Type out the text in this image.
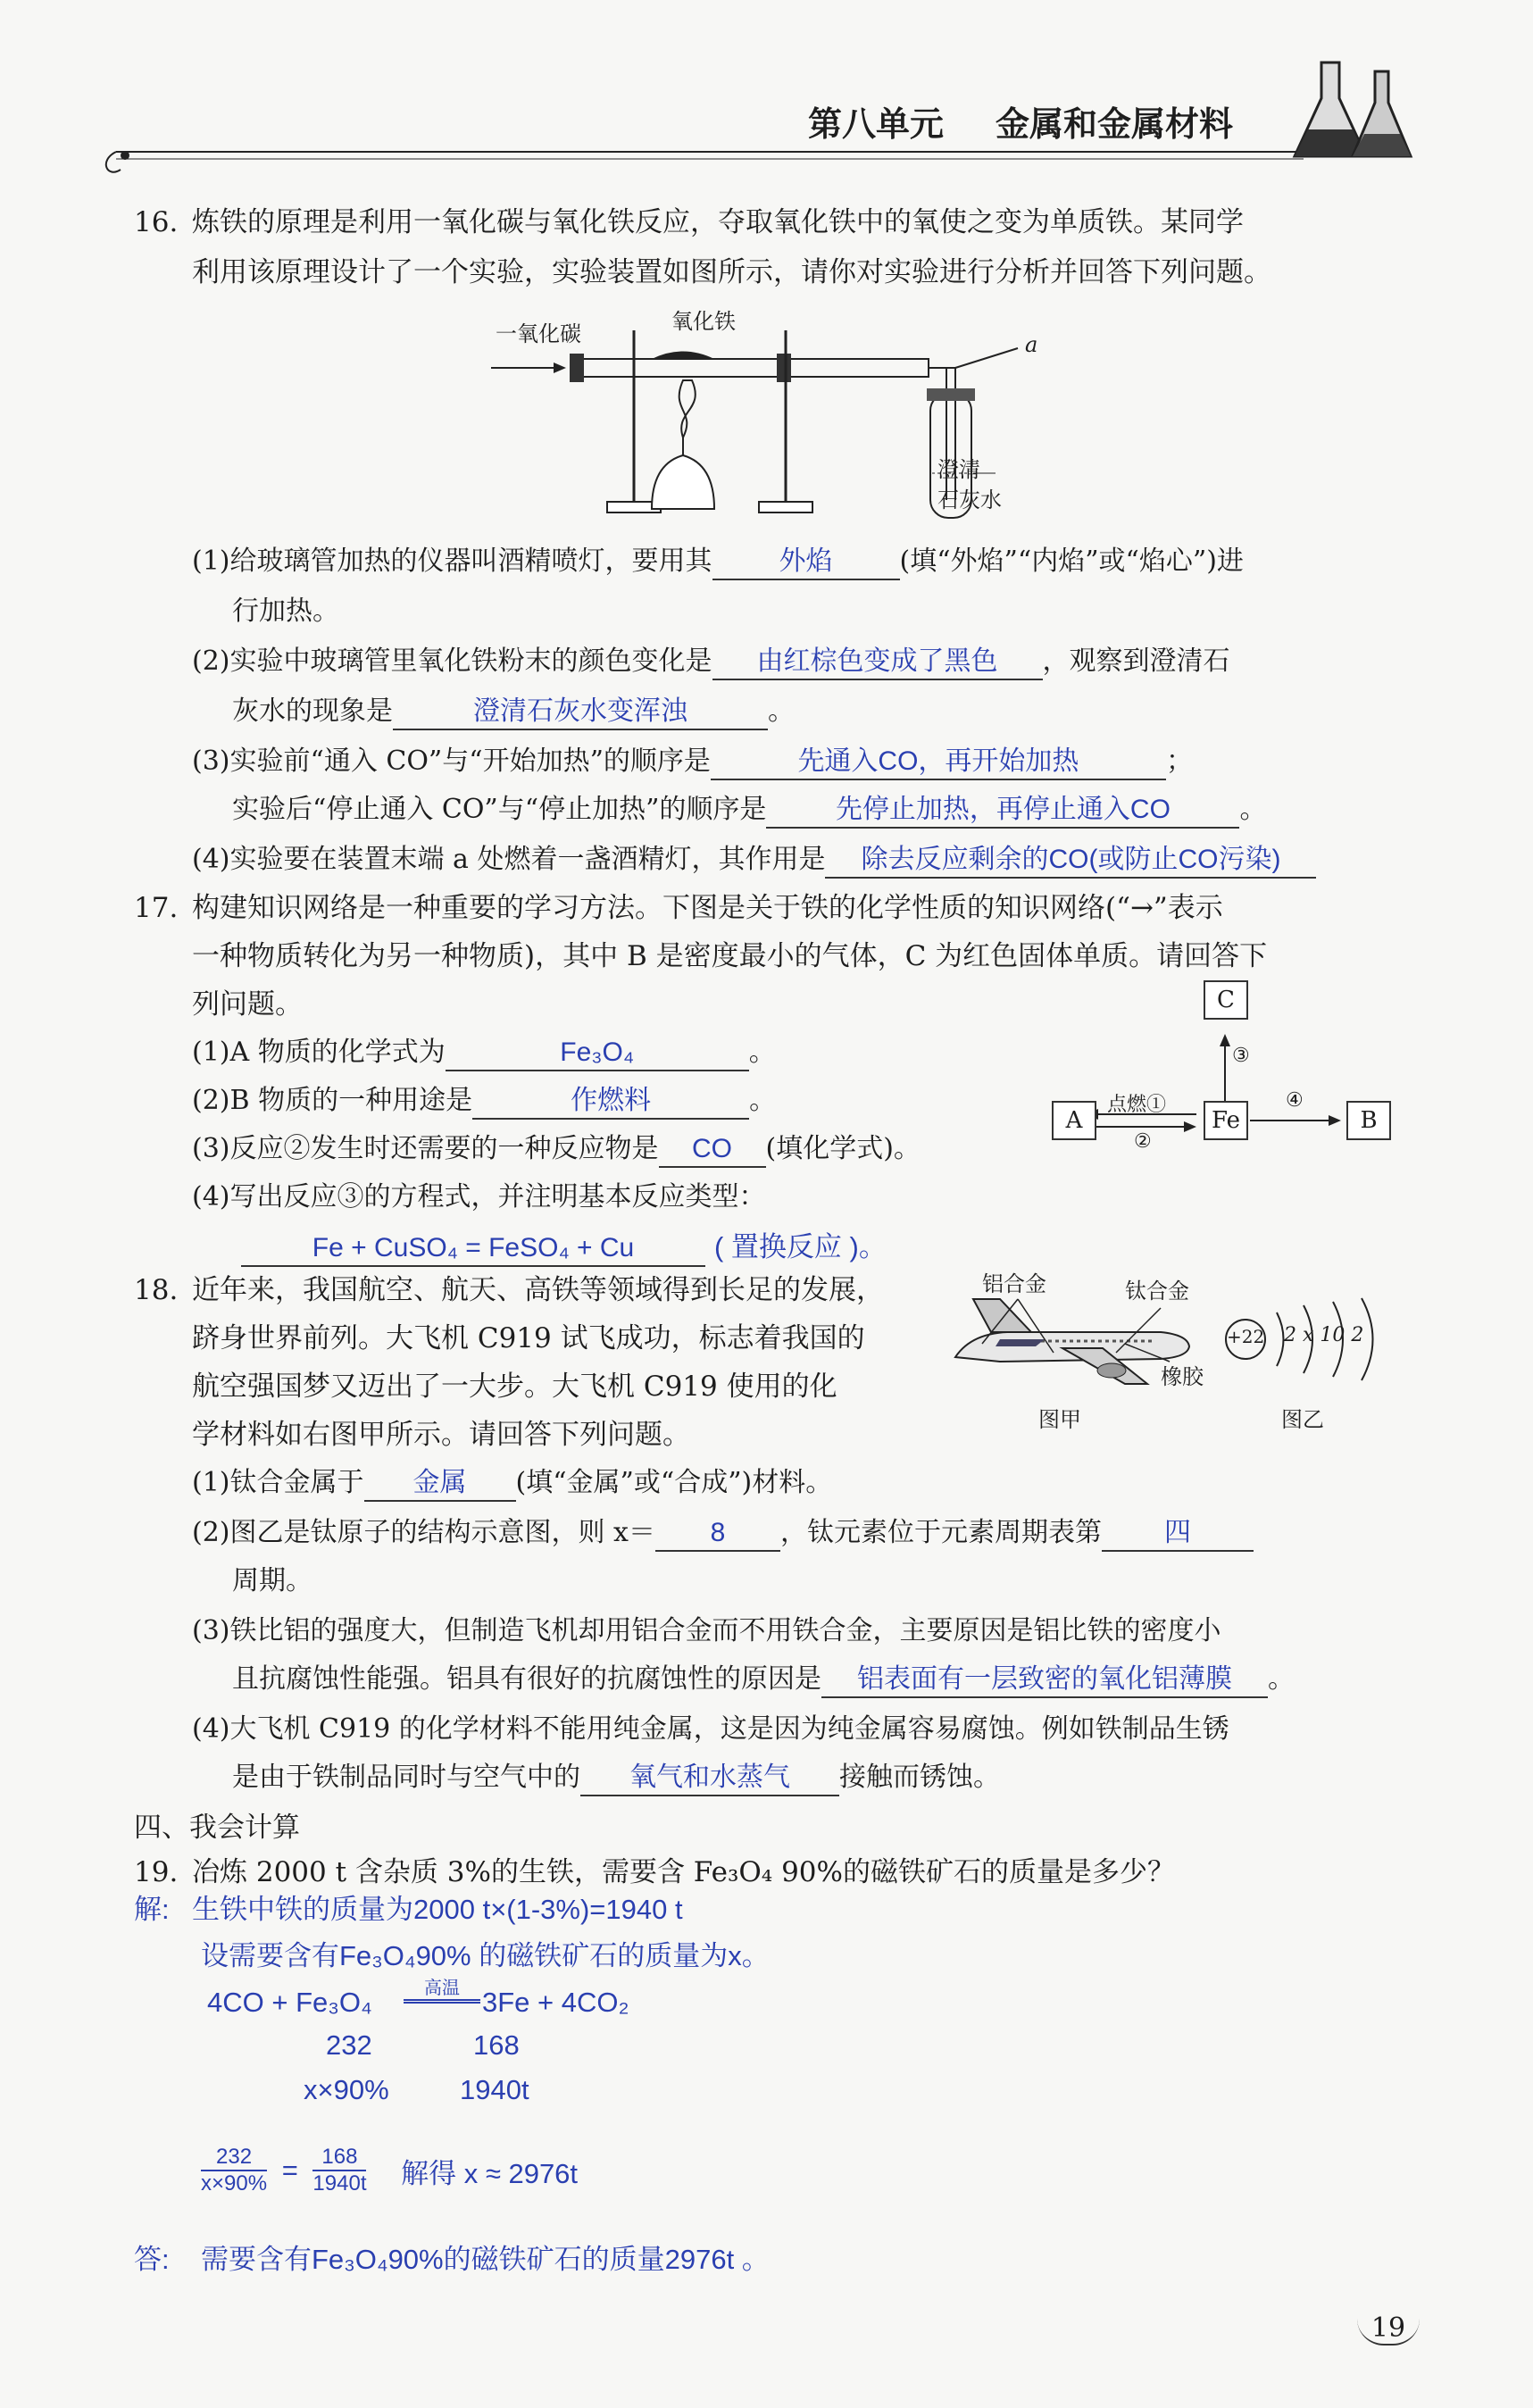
第八单元 金属和金属材料
16. 炼铁的原理是利用一氧化碳与氧化铁反应，夺取氧化铁中的氧使之变为单质铁。某同学
利用该原理设计了一个实验，实验装置如图所示，请你对实验进行分析并回答下列问题。
一氧化碳	氧化铁
a
澄清
石灰水
(1)给玻璃管加热的仪器叫酒精喷灯，要用其	外焰	(填“外焰”“内焰”或“焰心”)进
行加热。
(2)实验中玻璃管里氧化铁粉末的颜色变化是 由红棕色变成了黑色 ，观察到澄清石
灰水的现象是	澄清石灰水变浑浊	。
(3)实验前“通入 CO”与“开始加热”的顺序是	先通入CO，再开始加热	；
实验后“停止通入 CO”与“停止加热”的顺序是	先停止加热，再停止通入CO	。
(4)实验要在装置末端 a 处燃着一盏酒精灯，其作用是 除去反应剩余的CO(或防止CO污染)
17. 构建知识网络是一种重要的学习方法。下图是关于铁的化学性质的知识网络(“→”表示
一种物质转化为另一种物质)，其中 B 是密度最小的气体，C 为红色固体单质。请回答下
列问题。
(1)A 物质的化学式为	Fe₃O₄	。
(2)B 物质的一种用途是	作燃料	。
(3)反应②发生时还需要的一种反应物是 CO (填化学式)。
(4)写出反应③的方程式，并注明基本反应类型：
Fe + CuSO₄ = FeSO₄ + Cu	( 置换反应 )。
A	Fe	B
C
点燃①
②
③
④
18. 近年来，我国航空、航天、高铁等领域得到长足的发展，
跻身世界前列。大飞机 C919 试飞成功，标志着我国的
航空强国梦又迈出了一大步。大飞机 C919 使用的化
学材料如右图甲所示。请回答下列问题。
铝合金	钛合金
橡胶
图甲	图乙
+22 2 x 10 2
(1)钛合金属于 金属 (填“金属”或“合成”)材料。
(2)图乙是钛原子的结构示意图，则 x＝ 8 ，钛元素位于元素周期表第 四
周期。
(3)铁比铝的强度大，但制造飞机却用铝合金而不用铁合金，主要原因是铝比铁的密度小
且抗腐蚀性能强。铝具有很好的抗腐蚀性的原因是 铝表面有一层致密的氧化铝薄膜 。
(4)大飞机 C919 的化学材料不能用纯金属，这是因为纯金属容易腐蚀。例如铁制品生锈
是由于铁制品同时与空气中的 氧气和水蒸气 接触而锈蚀。
四、我会计算
19. 冶炼 2000 t 含杂质 3%的生铁，需要含 Fe₃O₄ 90%的磁铁矿石的质量是多少？
解: 生铁中铁的质量为2000 t×(1-3%)=1940 t
设需要含有Fe₃O₄90% 的磁铁矿石的质量为x。
4CO + Fe₃O₄	高温 3Fe + 4CO₂
232	168
x×90%	1940t
$\frac{232}{x\times 90\%} = \frac{168}{1940t}$ 解得 x ≈ 2976t
答: 需要含有Fe₃O₄90%的磁铁矿石的质量2976t 。
19
